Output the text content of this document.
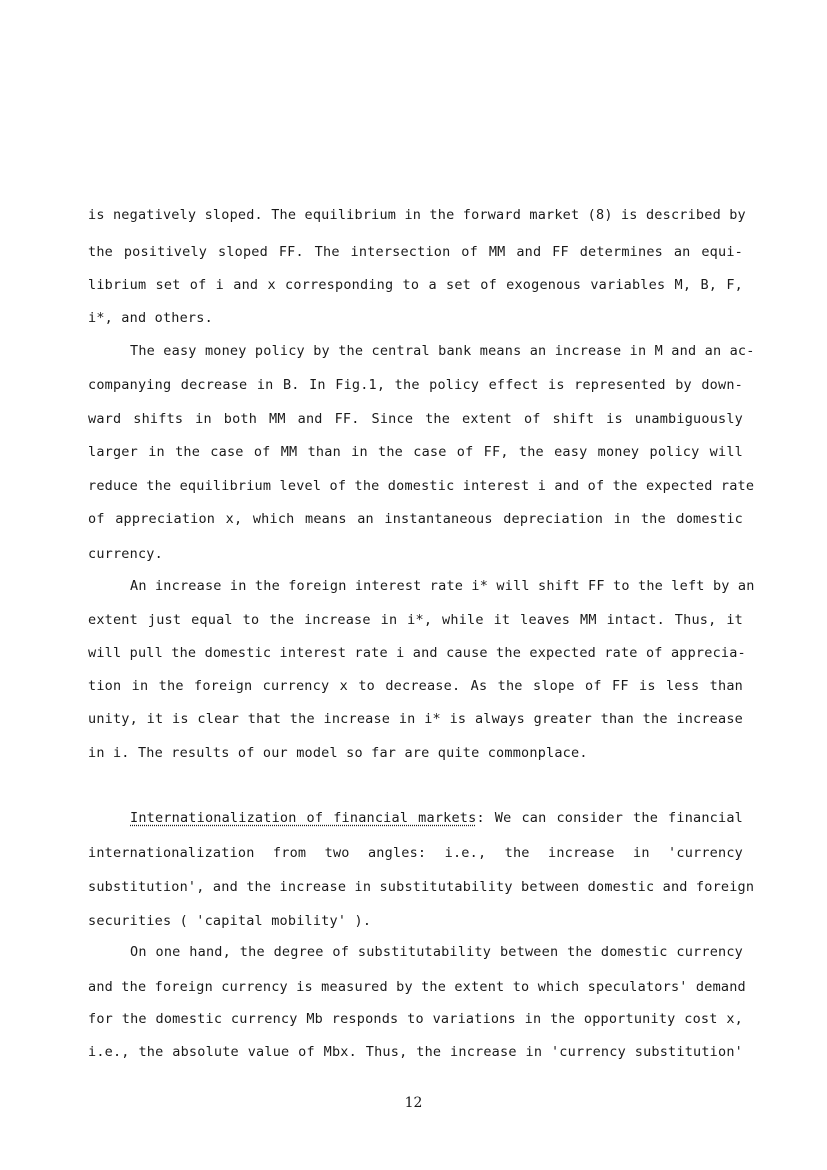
is negatively sloped. The equilibrium in the forward market (8) is described by
the positively sloped FF. The intersection of MM and FF determines an equi-
librium set of i and x corresponding to a set of exogenous variables M, B, F,
i*, and others.
The easy money policy by the central bank means an increase in M and an ac-
companying decrease in B. In Fig.1, the policy effect is represented by down-
ward shifts in both MM and FF. Since the extent of shift is unambiguously
larger in the case of MM than in the case of FF, the easy money policy will
reduce the equilibrium level of the domestic interest i and of the expected rate
of appreciation x, which means an instantaneous depreciation in the domestic
currency.
An increase in the foreign interest rate i* will shift FF to the left by an
extent just equal to the increase in i*, while it leaves MM intact. Thus, it
will pull the domestic interest rate i and cause the expected rate of apprecia-
tion in the foreign currency x to decrease. As the slope of FF is less than
unity, it is clear that the increase in i* is always greater than the increase
in i. The results of our model so far are quite commonplace.
Internationalization of financial markets: We can consider the financial
internationalization from two angles: i.e., the increase in 'currency
substitution', and the increase in substitutability between domestic and foreign
securities ( 'capital mobility' ).
On one hand, the degree of substitutability between the domestic currency
and the foreign currency is measured by the extent to which speculators' demand
for the domestic currency Mb responds to variations in the opportunity cost x,
i.e., the absolute value of Mbx. Thus, the increase in 'currency substitution'
12
